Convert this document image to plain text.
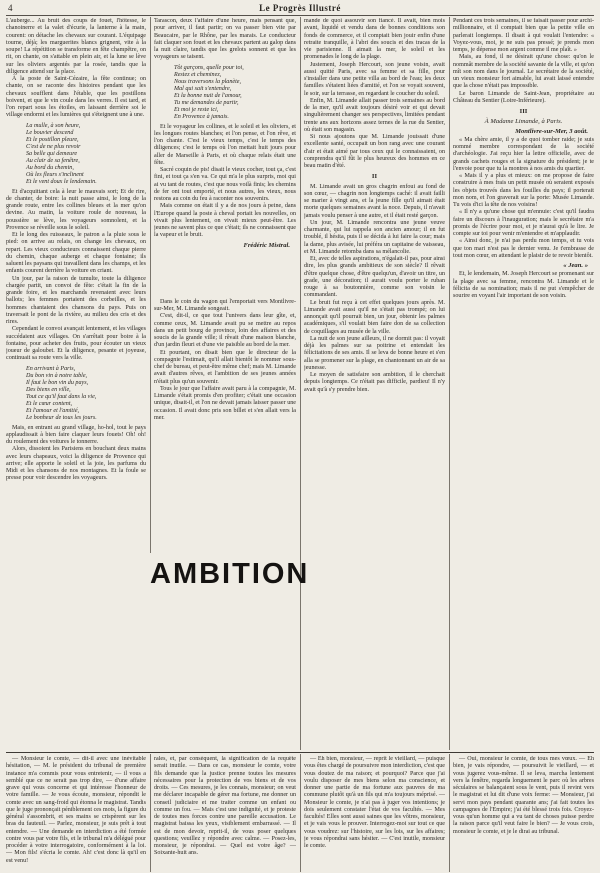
4	Le Progrès Illustré

L'auberge... Au bruit des coups de fouet, l'hôtesse, le chanoinerre et la valet d'écurie, la lanterne à la main, courent: on détache les chevaux sur courant. L'équipage tourne, déjà; les marguerites blancs grignent, vite à la soupe! La répétition se transforme en fête champêtre, on rit, on chante, on s'attable en plein air, et la lune se lève sur les oliviers argentés par la rosée, tandis que la diligence attend sur la place.

À la poste de Saint-Cézaire, la fête continue; on chante, on se raconte des histoires pendant que les chevaux soufflent dans l'étable, que les postillons boivent, et que le vin coule dans les verres. Il est tard, et l'on repart sous les étoiles, en laissant derrière soi le village endormi et les lumières qui s'éteignent une à une.

La mulle, à son heure,
Le bouvier descend
Et le postillon pleure,
C'est de ne plus revoir
Sa belle qui demeure
Au clair de sa fenêtre,
Au bord du chemin,
Où les fleurs s'inclinent
Et le vent doux le lendemain.

Et d'acquittant cela à leur le mauvais sort; Et de rire, de chanter, de boire: la nuit passe ainsi, le long de la grande route, entre les collines bleues et la mer qu'on devine. Au matin, la voiture roule de nouveau, la poussière se lève, les voyageurs somnolent, et la Provence se réveille sous le soleil.

Et le long des ruisseaux, le patron a la pluie sous le pied: on arrive au relais, on change les chevaux, on repart. Les vieux conducteurs connaissent chaque pierre du chemin, chaque auberge et chaque fontaine; ils saluent les paysans qui travaillent dans les champs, et les enfants courent derrière la voiture en criant.

Un jour, par la raison de tumulte, toute la diligence chargée partit, un convoi de fête: c'était la fin de la grande foire, et les marchands revenaient avec leurs ballots; les femmes portaient des corbeilles, et les hommes chantaient des chansons du pays. Puis on traversait le pont de la rivière, au milieu des cris et des rires.

Cependant le convoi avançait lentement, et les villages succédaient aux villages. On s'arrêtait pour boire à la fontaine, pour acheter des fruits, pour écouter un vieux joueur de galoubet. Et la diligence, pesante et joyeuse, continuait sa route vers la ville.

En arrivant à Paris,
Du bon vin à notre table,
Il faut le bon vin du pays,
Des biens en ville,
Tout ce qu'il faut dans la vie,
Et le cœur content,
Et l'amour et l'amitié,
Le bonheur de tous les jours.

Mais, en entrant au grand village, ho-hol, tout le pays applaudissait à bien faire claquer leurs fouets! Oh! oh! du roulement des voitures le tonnerre.

Alors, dissoient les Parisiens en bouchant deux mains avec leurs chapeaux, voici la diligence de Provence qui arrive; elle apporte le soleil et la joie, les parfums du Midi et les chansons de nos montagnes. Et la foule se presse pour voir descendre les voyageurs.

Tarascon, deux l'affaire d'une heure, mais pensant que, pour arriver, il faut partir; on va passer bien vite par Beaucaire, par le Rhône, par les marais. Le conducteur fait claquer son fouet et les chevaux partent au galop dans la nuit claire, tandis que les grelots sonnent et que les voyageurs se taisent.

Tôt garçons, quelle pour toi,
Restez et cheminez,
Nous traversons la planète,
Mal qui sait s'entendre,
Et la bonne nuit de l'amour,
Tu me demandes de partir,
Et moi je reste ici,
En Provence à jamais.

Et le voyageur les collines, et le soleil et les oliviers, et les longues routes blanches; et l'on pense, et l'on rêve, et l'on chante. C'est le vieux temps, c'est le temps des diligences; c'est le temps où l'on mettait huit jours pour aller de Marseille à Paris, et où chaque relais était une fête.

Sacré coquin de pis! disait le vieux cocher, tout ça, c'est fini, et tout ça s'en va. Ce qui m'a le plus surpris, moi qui ai vu tant de routes, c'est que nous voilà finis; les chemins de fer ont tout emporté, et nous autres, les vieux, nous restons au coin du feu à raconter nos souvenirs.

Mais comme on était il y a de nos jours à peine, dans l'Europe quand la poste à cheval portait les nouvelles, on vivait plus lentement, on vivait mieux peut-être. Les jeunes ne savent plus ce que c'était; ils ne connaissent que la vapeur et le bruit.

Frédéric Mistral.

Dans le coin du wagon qui l'emportait vers Montlivre-sur-Mer, M. Limande songeait.

C'est, dit-il, ce que tout l'univers dans leur gîte, et, comme ceux, M. Limande avait pu se mettre au repos dans un petit bourg de province, loin des affaires et des soucis de la grande ville; il rêvait d'une maison blanche, d'un jardin fleuri et d'une vie paisible au bord de la mer.

Et pourtant, on disait bien que le directeur de la compagnie l'estimait, qu'il allait bientôt le nommer sous-chef de bureau, et peut-être même chef; mais M. Limande avait d'autres rêves, et l'ambition de ses jeunes années n'était plus qu'un souvenir.

Tous le jour que l'affaire avait paru à la compagnie, M. Limande s'était promis d'en profiter; c'était une occasion unique, disait-il, et l'on ne devait jamais laisser passer une occasion. Il avait donc pris son billet et s'en allait vers la mer.

mande de quoi assouvir son fiancé. Il avait, bien mois avant, liquidé et vendu dans de bonnes conditions son fonds de commerce, et il comptait bien jouir enfin d'une retraite tranquille, à l'abri des soucis et des tracas de la vie parisienne. Il aimait la mer, le soleil et les promenades le long de la plage.

Justement, Joseph Hercourt, son jeune voisin, avait aussi quitté Paris, avec sa femme et sa fille, pour s'installer dans une petite villa au bord de l'eau; les deux familles s'étaient liées d'amitié, et l'on se voyait souvent, le soir, sur la terrasse, en regardant le coucher du soleil.

Enfin, M. Limande allait passer trois semaines au bord de la mer, qu'il avait toujours désiré voir et qui devait singulièrement changer ses perspectives, limitées pendant trente ans aux horizons assez ternes de la rue du Sentier, où était son magasin.

Si nous ajoutons que M. Limande jouissait d'une excellente santé, occupait un bon rang avec une courant d'air et était aimé par tous ceux qui le connaissaient, on comprendra qu'il fût le plus heureux des hommes en ce beau matin d'été.

II

M. Limande avait un gros chagrin enfoui au fond de son cœur, — chagrin non longtemps caché: il avait failli se marier à vingt ans, et la jeune fille qu'il aimait était morte quelques semaines avant la noce. Depuis, il n'avait jamais voulu penser à une autre, et il était resté garçon.

Un jour, M. Limande rencontra une jeune veuve charmante, qui lui rappela son ancien amour; il en fut troublé, il hésita, puis il se décida à lui faire la cour; mais la dame, plus avisée, lui préféra un capitaine de vaisseau, et M. Limande retomba dans sa mélancolie.

Et, avec de telles aspirations, n'égalait-il pas, pour ainsi dire, les plus grands ambitieux de son siècle? Il rêvait d'être quelque chose, d'être quelqu'un, d'avoir un titre, un grade, une décoration; il aurait voulu porter le ruban rouge à sa boutonnière, comme son voisin le commandant.

Le bruit fut reçu à cet effet quelques jours après. M. Limande avait aussi qu'il ne s'était pas trompé; on lui annonçait qu'il pourrait bien, un jour, obtenir les palmes académiques, s'il voulait bien faire don de sa collection de coquillages au musée de la ville.

La nuit de son jeune ailleurs, il ne dormit pas: il voyait déjà les palmes sur sa poitrine et entendait les félicitations de ses amis. Il se leva de bonne heure et s'en alla se promener sur la plage, en chantonnant un air de sa jeunesse.

Le moyen de satisfaire son ambition, il le cherchait depuis longtemps. Ce n'était pas difficile, pardieu! Il n'y avait qu'à s'y prendre bien.

Pendant ces trois semaines, il se faisait passer pour archi-millionnaire, et il comptait bien que la petite ville en parlerait longtemps. Il disait à qui voulait l'entendre: « Voyez-vous, moi, je ne suis pas pressé; je prends mon temps, je dépense mon argent comme il me plaît. »

Mais, au fond, il ne désirait qu'une chose: qu'on le nommât membre de la société savante de la ville, et qu'on mît son nom dans le journal. Le secrétaire de la société, un vieux monsieur fort aimable, lui avait laissé entendre que la chose n'était pas impossible.

Le baron Limande de Saint-Jean, propriétaire au Château du Sentier (Loire-Inférieure).

III

À Madame Limande, à Paris.

Montlivre-sur-Mer, 3 août.

« Ma chère amie, il y a de quoi tomber raide; je suis nommé membre correspondant de la société d'archéologie. J'ai reçu hier la lettre officielle, avec de grands cachets rouges et la signature du président; je te l'envoie pour que tu la montres à nos amis du quartier.

« Mais il y a plus et mieux: on me propose de faire construire à mes frais un petit musée où seraient exposés les objets trouvés dans les fouilles du pays; il porterait mon nom, et l'on graverait sur la porte: Musée Limande. Tu vois d'ici la tête de nos voisins!

« Il n'y a qu'une chose qui m'ennuie: c'est qu'il faudra faire un discours à l'inauguration; mais le secrétaire m'a promis de l'écrire pour moi, et je n'aurai qu'à le lire. Je compte sur toi pour venir m'entendre et m'applaudir.

« Ainsi donc, je n'ai pas perdu mon temps, et tu vois que ton mari n'est pas le dernier venu. Je t'embrasse de tout mon cœur, en attendant le plaisir de te revoir bientôt.

« Jean. »

Et, le lendemain, M. Joseph Hercourt se promenant sur la plage avec sa femme, rencontra M. Limande et le félicita de sa nomination; mais il ne put s'empêcher de sourire en voyant l'air important de son voisin.

AMBITION

— Monsieur le comte, — dit-il avec une inévitable hésitation, — M. le président du tribunal de première instance m'a commis pour vous entretenir, — il vous a semblé que ce ne serait pas trop dire, — d'une affaire grave qui vous concerne et qui intéresse l'honneur de votre famille. — Je vous écoute, monsieur, répondit le comte avec un sang-froid qui étonna le magistrat. Tandis que le juge prononçait péniblement ces mots, la figure du général s'assombrit, et ses mains se crispèrent sur les bras du fauteuil. — Parlez, monsieur, je suis prêt à tout entendre. — Une demande en interdiction a été formée contre vous par votre fils, et le tribunal m'a délégué pour procéder à votre interrogatoire, conformément à la loi. — Mon fils! s'écria le comte. Ah! c'est donc là qu'il en est venu!

rales, et, par conséquent, la signification de la requête serait inutile. — Dans ce cas, monsieur le comte, votre fils demande que la justice prenne toutes les mesures nécessaires pour la protection de vos biens et de vos droits. — Ces mesures, je les connais, monsieur; on veut me déclarer incapable de gérer ma fortune, me donner un conseil judiciaire et me traiter comme un enfant ou comme un fou. — Mais c'est une indignité, et je proteste de toutes mes forces contre une pareille accusation. Le magistrat baissa les yeux, visiblement embarrassé. — Il est de mon devoir, reprit-il, de vous poser quelques questions; veuillez y répondre avec calme. — Posez-les, monsieur, je répondrai. — Quel est votre âge? — Soixante-huit ans.

— Eh bien, monsieur, — reprit le vieillard, — puisque vous êtes chargé de poursuivre mon interdiction, c'est que vous doutez de ma raison; et pourquoi? Parce que j'ai voulu disposer de mes biens selon ma conscience, et donner une partie de ma fortune aux pauvres de ma commune plutôt qu'à un fils qui m'a toujours méprisé. — Monsieur le comte, je n'ai pas à juger vos intentions; je dois seulement constater l'état de vos facultés. — Mes facultés! Elles sont aussi saines que les vôtres, monsieur, et je vais vous le prouver. Interrogez-moi sur tout ce que vous voudrez: sur l'histoire, sur les lois, sur les affaires; je vous répondrai sans hésiter. — C'est inutile, monsieur le comte.

— Oui, monsieur le comte, de tous mes vœux. — Eh bien, je vais répondre, — poursuivit le vieillard, — et vous jugerez vous-même. Il se leva, marcha lentement vers la fenêtre, regarda longuement le parc où les arbres séculaires se balançaient sous le vent, puis il revint vers le magistrat et lui dit d'une voix ferme: — Monsieur, j'ai servi mon pays pendant quarante ans; j'ai fait toutes les campagnes de l'Empire; j'ai été blessé trois fois. Croyez-vous qu'un homme qui a vu tant de choses puisse perdre la raison parce qu'il veut faire le bien? — Je vous crois, monsieur le comte, et je le dirai au tribunal.
